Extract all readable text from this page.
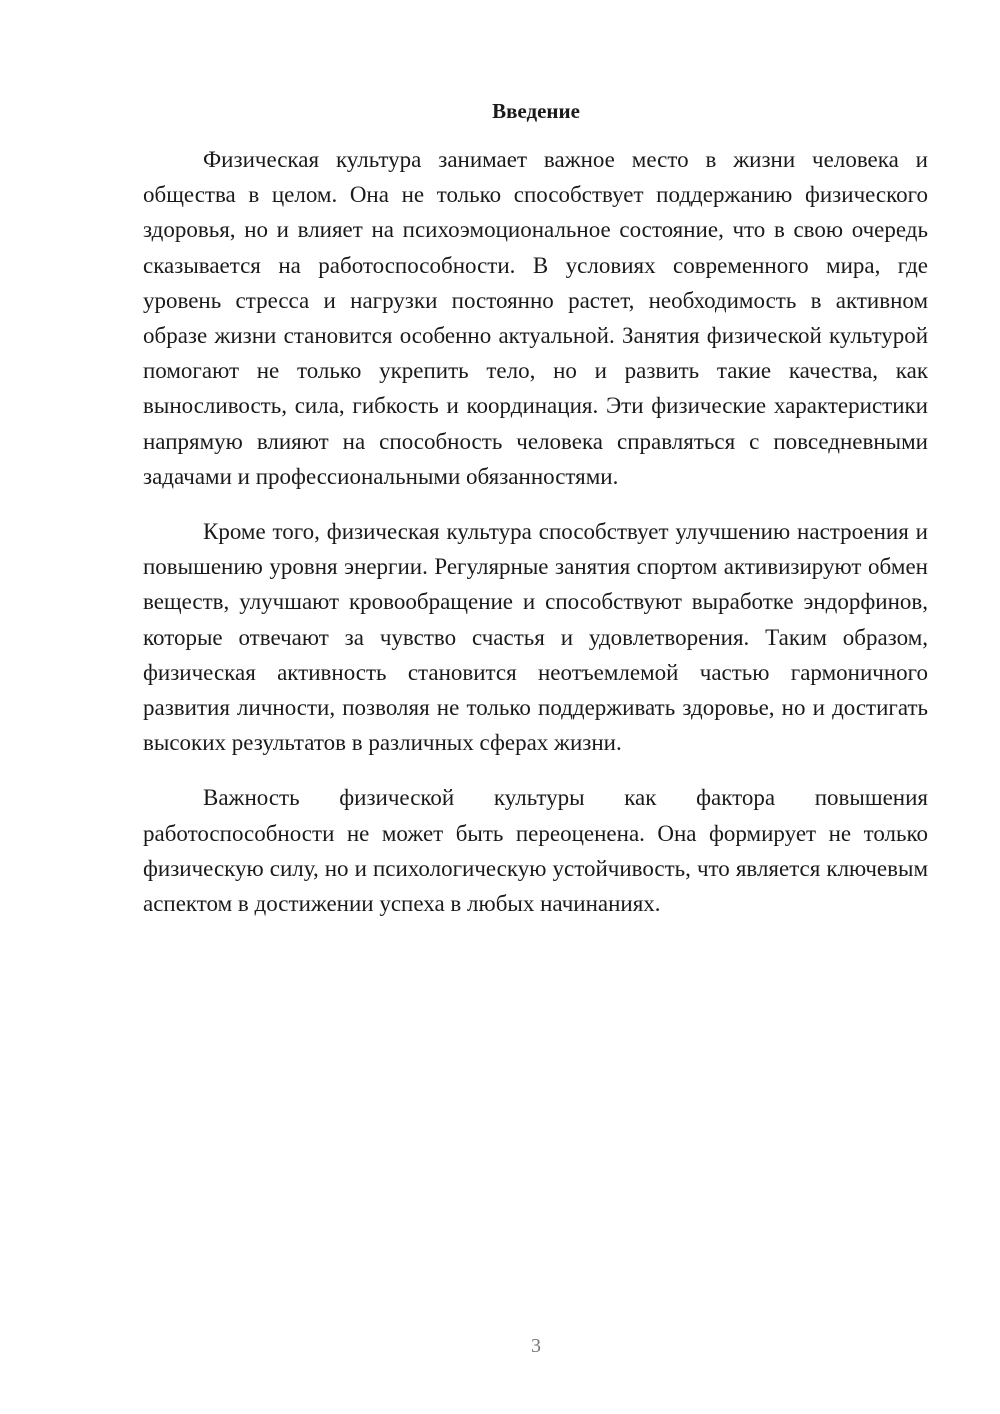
Введение

Физическая культура занимает важное место в жизни человека и общества в целом. Она не только способствует поддержанию физического здоровья, но и влияет на психоэмоциональное состояние, что в свою очередь сказывается на работоспособности. В условиях современного мира, где уровень стресса и нагрузки постоянно растет, необходимость в активном образе жизни становится особенно актуальной. Занятия физической культурой помогают не только укрепить тело, но и развить такие качества, как выносливость, сила, гибкость и координация. Эти физические характеристики напрямую влияют на способность человека справляться с повседневными задачами и профессиональными обязанностями.

Кроме того, физическая культура способствует улучшению настроения и повышению уровня энергии. Регулярные занятия спортом активизируют обмен веществ, улучшают кровообращение и способствуют выработке эндорфинов, которые отвечают за чувство счастья и удовлетворения. Таким образом, физическая активность становится неотъемлемой частью гармоничного развития личности, позволяя не только поддерживать здоровье, но и достигать высоких результатов в различных сферах жизни.

Важность физической культуры как фактора повышения работоспособности не может быть переоценена. Она формирует не только физическую силу, но и психологическую устойчивость, что является ключевым аспектом в достижении успеха в любых начинаниях.

3
